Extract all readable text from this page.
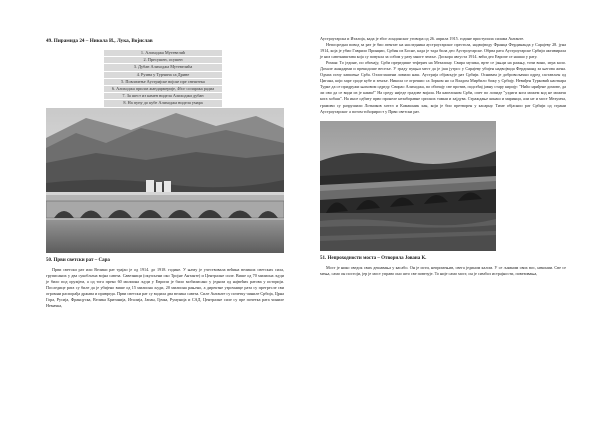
49. Пирамида 24 – Никола И., Лука, Војислав
1. Алиходжа Мутевелић
2. Пресушен, осушен
3. Дубан Алиходжа Мутевелића
4. Руина у Турчина са Дрине
5. Повлачење Аустријске војске пре снештека
6. Алиходжа прилаз жандармерије, 4бог сопарака радиа
7. За шест из камен нидела Алиходжи дубан
8. На пуну до кубе Алиходжа нидела умара
50. Први светски рат – Сара

Први светски рат или Велики рат трајао је од 1914. до 1918. године. У њему је учествовала већина великих светских сила, груписаних у два сукобљена војна савеза. Савезници (окупљени око Тројне Антанте) и Централне силе. Више од 70 милиона људи је било под оружјем, а од тога преко 60 милиона људи у Европи је било мобилисано у једном од највећих ратова у историји. Последице рата су биле да је убијено више од 15 милиона људи, 20 милиона рањено, а директне узрочнице рата су претресле сви огромни распорађа држава и привреда. Први светски рат су водила два велика савеза. Силе Антанте су почетку чиниле Србија, Црна Гора, Русија, Француска, Велика Британија, Италија, Јапан, Грчка, Румунија и САД. Централне силе су пре почетка рата чиниле Немачка,

Аустроугарска и Италија, када је због лондонског уговора од 26. априла 1915. године приступила силама Антанте.

Непосредни повод за рат је био атентат на наследника аустроугарског престола, надвојводу Франца Фердинанда у Сарајеву 28. јуна 1914, која је убио Гаврило Принцип, Србин из Босне, када је тада била део Аустроугарске. Обрва рата Аустроугарске Србији активирала је низ савезништава која су повукла за собом у рату многе земље. Доскора августа 1914. већи део Европе се нашао у рату.

Роман: То једине, по обичају, Срби прередише теферич на Мезалину. Свира музика, врте се јањци на ражњу, точи вино, игра коло. Дохале жандарми и прекидоше весеље. У граду пуцњи мест да је јаш јутрос у Сарајеву убијен надвојвода Фердинанд за његова жена. Одмах почу хапшење Срба. Озлоглашени ловили наш. Аустрија објављује рат Србији. Оснивам је добровољачки одред састављен од Цигана, који харе сроде кубе и земље. Никола се огрешио са Зорком но са Владом Мирбило божу у Србију. Невиђен Турковић наоткара Турке да се придружи њиховом одреду. Свирао Алиходжа, по обичају све против, подсећај јавну стару кирију: "Нићо нриђене домове, да ли ово да се види из је каква!" На среду ниједе градове вијала. На капелином Срби, опет по лопиде "уздиги кога можем код не можеш кога хобаш". На инсе одбиту прво пронеле незаборавне српских тамни и хајдува. Страждање конаш и маринци, али не и мост Мехумча, грамови су разрушили Лотников хотел и Камашник хан, који је био претворен у касарну. Тиме објаснио рат Србији од страни Аустроугарског а потом тоћорирост у Први светски рат.

51. Непроходности моста – Отворила Јована К.

Мост је нико сведок свих дешавања у касабо. Он је исти, непромењив, свега једином калом. У се љамним свих вос, неконии. Све се мења, само он постоји, јер је мост управо оно што све повезује. То није само мост, он је симбол истрајности, повезивања,
